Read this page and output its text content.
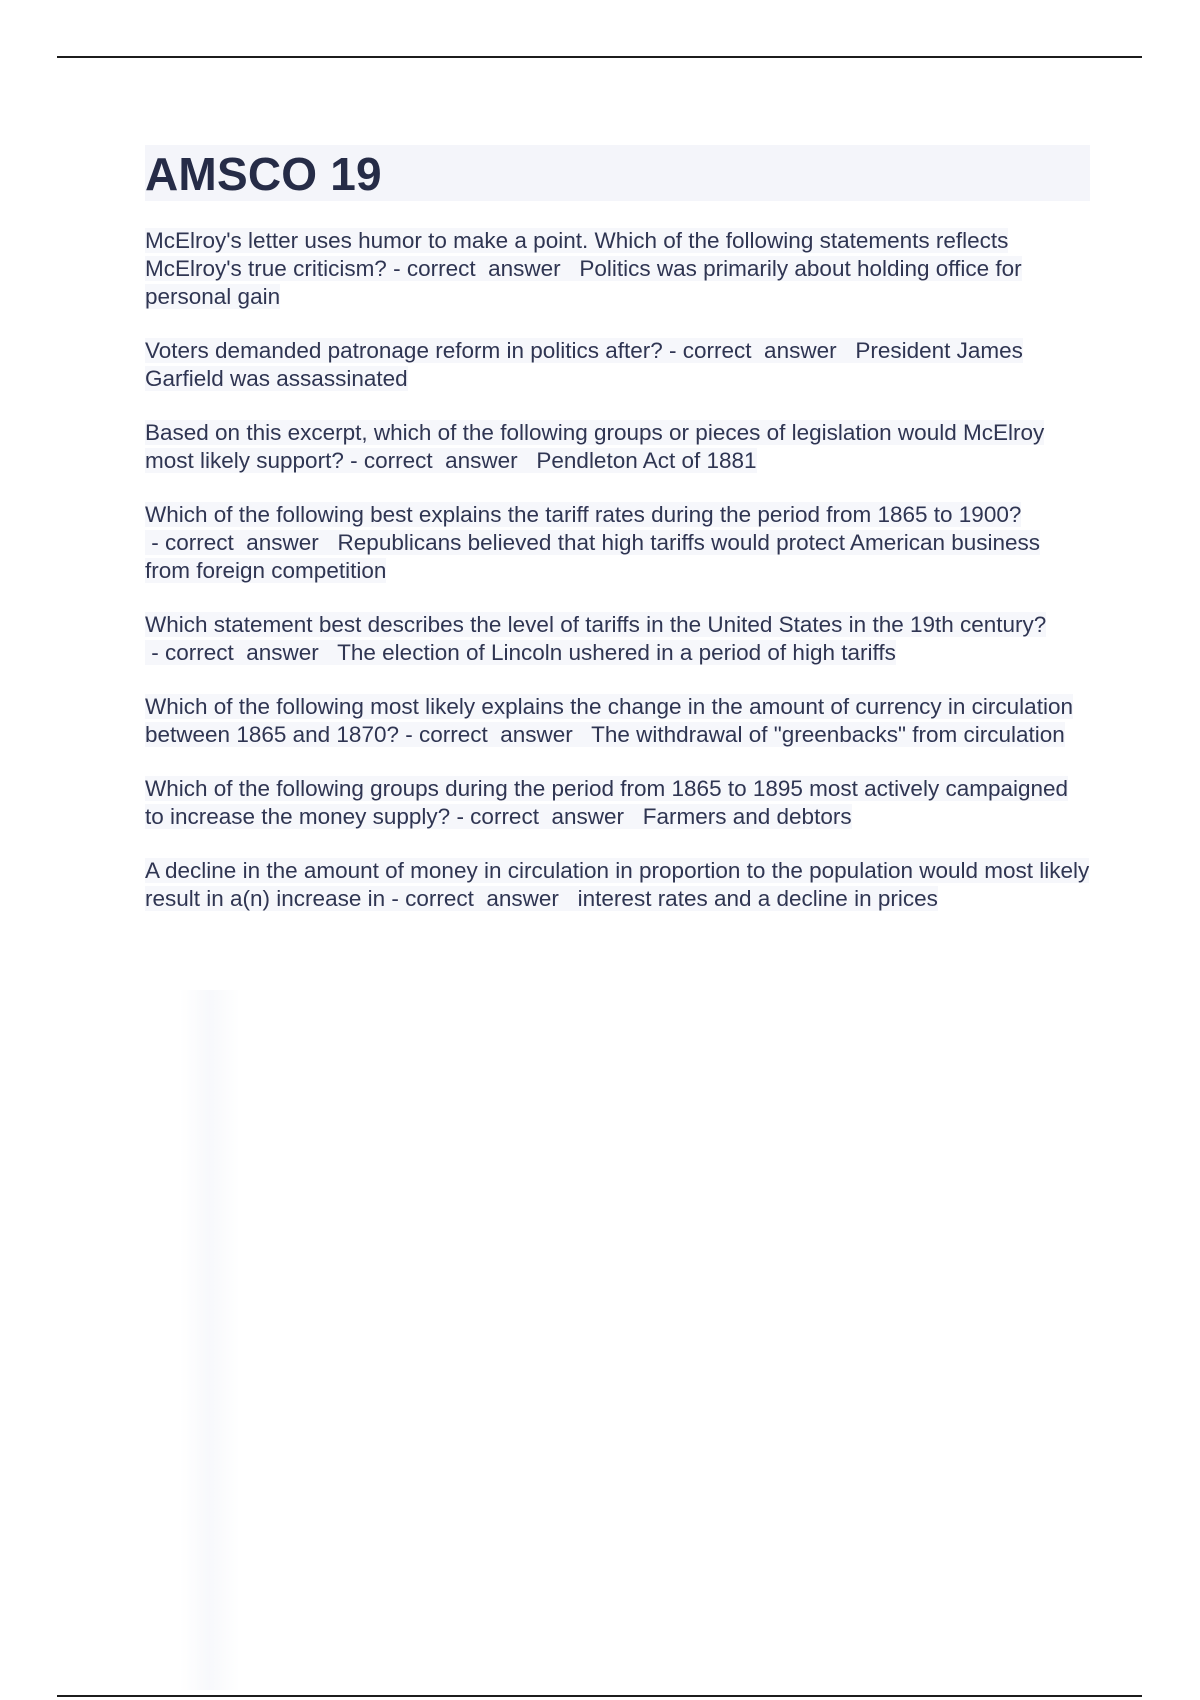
AMSCO 19

McElroy's letter uses humor to make a point. Which of the following statements reflects McElroy's true criticism? - correct  answer   Politics was primarily about holding office for personal gain

Voters demanded patronage reform in politics after? - correct  answer   President James Garfield was assassinated

Based on this excerpt, which of the following groups or pieces of legislation would McElroy most likely support? - correct  answer   Pendleton Act of 1881

Which of the following best explains the tariff rates during the period from 1865 to 1900? - correct  answer   Republicans believed that high tariffs would protect American business from foreign competition

Which statement best describes the level of tariffs in the United States in the 19th century? - correct  answer   The election of Lincoln ushered in a period of high tariffs

Which of the following most likely explains the change in the amount of currency in circulation between 1865 and 1870? - correct  answer   The withdrawal of "greenbacks" from circulation

Which of the following groups during the period from 1865 to 1895 most actively campaigned to increase the money supply? - correct  answer   Farmers and debtors

A decline in the amount of money in circulation in proportion to the population would most likely result in a(n) increase in - correct  answer   interest rates and a decline in prices
